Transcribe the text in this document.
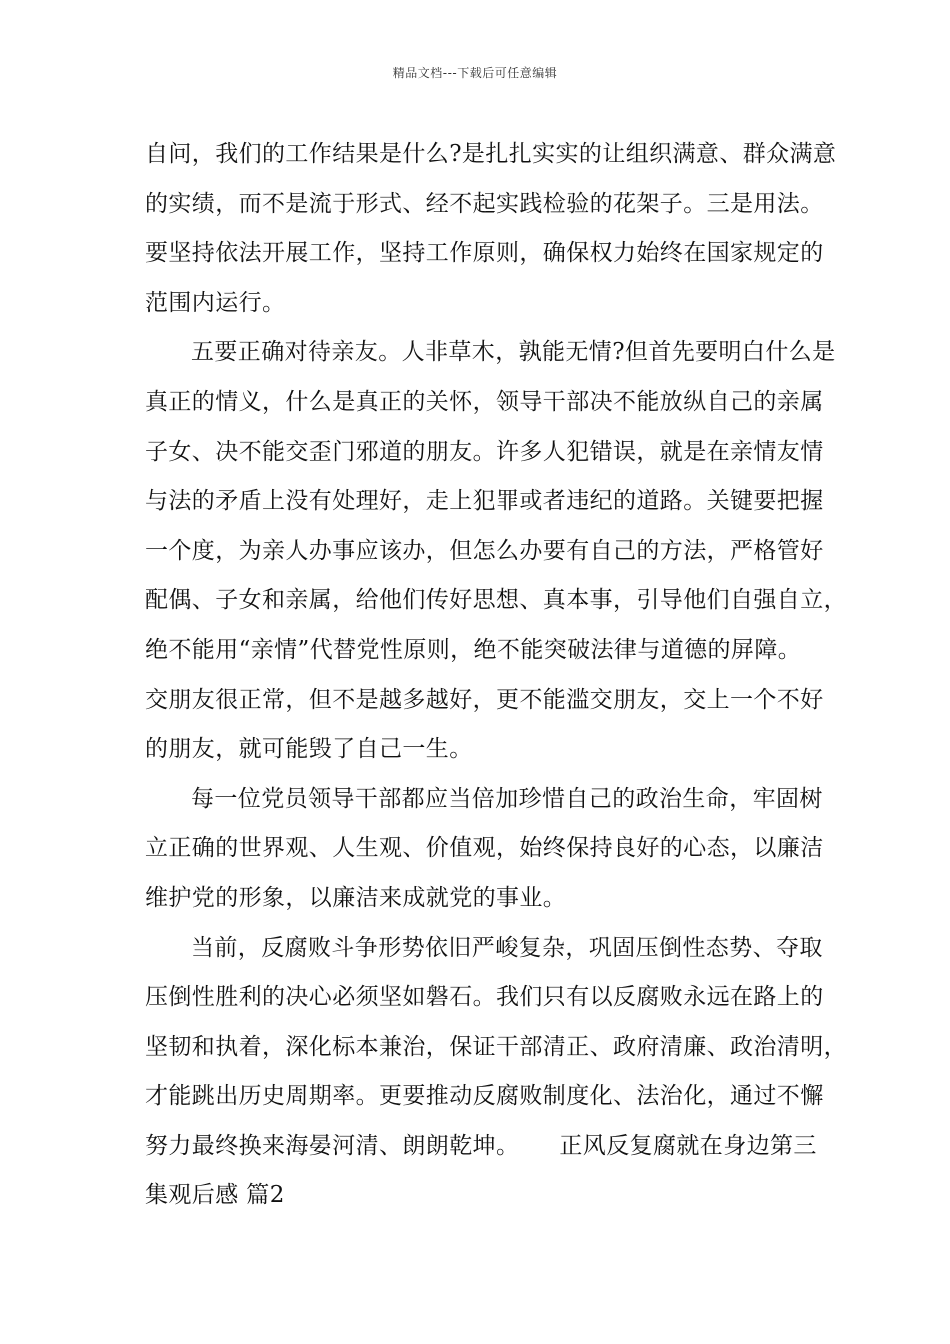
精品文档---下载后可任意编辑
自问，我们的工作结果是什么?是扎扎实实的让组织满意、群众满意
的实绩，而不是流于形式、经不起实践检验的花架子。三是用法。
要坚持依法开展工作，坚持工作原则，确保权力始终在国家规定的
范围内运行。
五要正确对待亲友。人非草木，孰能无情?但首先要明白什么是
真正的情义，什么是真正的关怀，领导干部决不能放纵自己的亲属
子女、决不能交歪门邪道的朋友。许多人犯错误，就是在亲情友情
与法的矛盾上没有处理好，走上犯罪或者违纪的道路。关键要把握
一个度，为亲人办事应该办，但怎么办要有自己的方法，严格管好
配偶、子女和亲属，给他们传好思想、真本事，引导他们自强自立，
绝不能用“亲情”代替党性原则，绝不能突破法律与道德的屏障。
交朋友很正常，但不是越多越好，更不能滥交朋友，交上一个不好
的朋友，就可能毁了自己一生。
每一位党员领导干部都应当倍加珍惜自己的政治生命，牢固树
立正确的世界观、人生观、价值观，始终保持良好的心态，以廉洁
维护党的形象，以廉洁来成就党的事业。
当前，反腐败斗争形势依旧严峻复杂，巩固压倒性态势、夺取
压倒性胜利的决心必须坚如磐石。我们只有以反腐败永远在路上的
坚韧和执着，深化标本兼治，保证干部清正、政府清廉、政治清明，
才能跳出历史周期率。更要推动反腐败制度化、法治化，通过不懈
努力最终换来海晏河清、朗朗乾坤。 正风反复腐就在身边第三
集观后感 篇2
